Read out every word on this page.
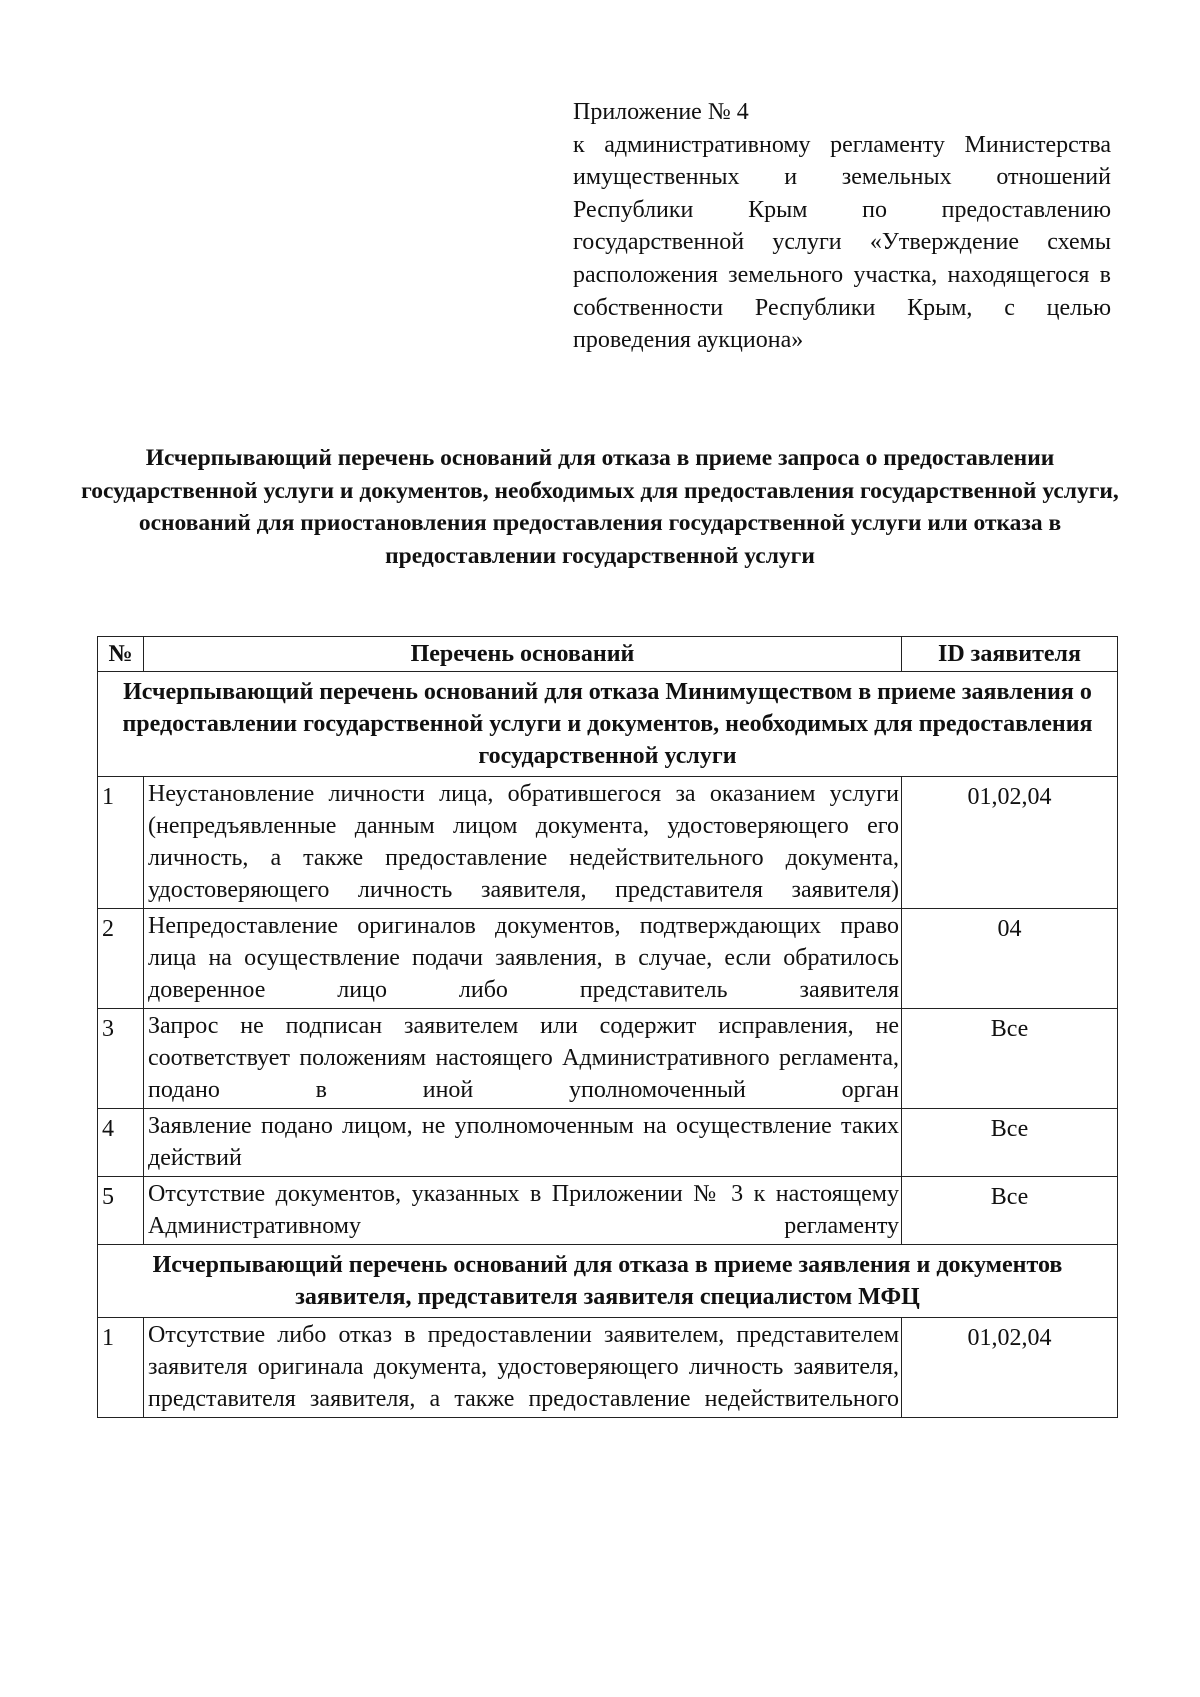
Приложение № 4

к административному регламенту Министерства имущественных и земельных отношений Республики Крым по предоставлению государственной услуги «Утверждение схемы расположения земельного участка, находящегося в собственности Республики Крым, с целью проведения аукциона»

Исчерпывающий перечень оснований для отказа в приеме запроса о предоставлении государственной услуги и документов, необходимых для предоставления государственной услуги, оснований для приостановления предоставления государственной услуги или отказа в предоставлении государственной услуги
№	Перечень оснований	ID заявителя
Исчерпывающий перечень оснований для отказа Минимуществом в приеме заявления о предоставлении государственной услуги и документов, необходимых для предоставления государственной услуги		
1	Неустановление личности лица, обратившегося за оказанием услуги (непредъявленные данным лицом документа, удостоверяющего его личность, а также предоставление недействительного документа, удостоверяющего личность заявителя, представителя заявителя)	01,02,04
2	Непредоставление оригиналов документов, подтверждающих право лица на осуществление подачи заявления, в случае, если обратилось доверенное лицо либо представитель заявителя	04
3	Запрос не подписан заявителем или содержит исправления, не соответствует положениям настоящего Административного регламента, подано в иной уполномоченный орган	Все
4	Заявление подано лицом, не уполномоченным на осуществление таких действий	Все
5	Отсутствие документов, указанных в Приложении № 3 к настоящему Административному регламенту	Все
Исчерпывающий перечень оснований для отказа в приеме заявления и документов заявителя, представителя заявителя специалистом МФЦ		
1	Отсутствие либо отказ в предоставлении заявителем, представителем заявителя оригинала документа, удостоверяющего личность заявителя, представителя заявителя, а также предоставление недействительного	01,02,04
